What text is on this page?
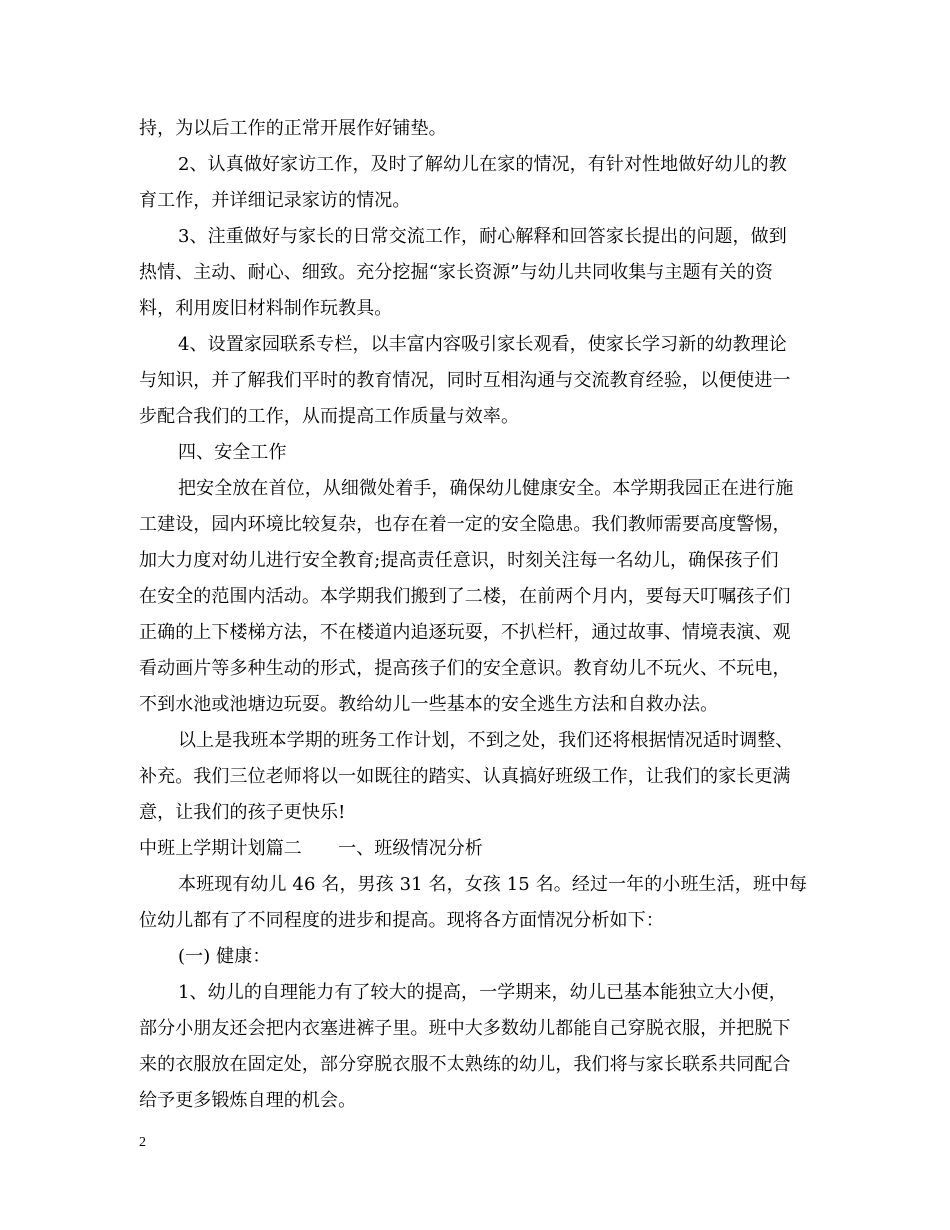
持，为以后工作的正常开展作好铺垫。
2、认真做好家访工作，及时了解幼儿在家的情况，有针对性地做好幼儿的教
育工作，并详细记录家访的情况。
3、注重做好与家长的日常交流工作，耐心解释和回答家长提出的问题，做到
热情、主动、耐心、细致。充分挖掘“家长资源”与幼儿共同收集与主题有关的资
料，利用废旧材料制作玩教具。
4、设置家园联系专栏，以丰富内容吸引家长观看，使家长学习新的幼教理论
与知识，并了解我们平时的教育情况，同时互相沟通与交流教育经验，以便使进一
步配合我们的工作，从而提高工作质量与效率。
四、安全工作
把安全放在首位，从细微处着手，确保幼儿健康安全。本学期我园正在进行施
工建设，园内环境比较复杂，也存在着一定的安全隐患。我们教师需要高度警惕，
加大力度对幼儿进行安全教育;提高责任意识，时刻关注每一名幼儿，确保孩子们
在安全的范围内活动。本学期我们搬到了二楼，在前两个月内，要每天叮嘱孩子们
正确的上下楼梯方法，不在楼道内追逐玩耍，不扒栏杆，通过故事、情境表演、观
看动画片等多种生动的形式，提高孩子们的安全意识。教育幼儿不玩火、不玩电，
不到水池或池塘边玩耍。教给幼儿一些基本的安全逃生方法和自救办法。
以上是我班本学期的班务工作计划，不到之处，我们还将根据情况适时调整、
补充。我们三位老师将以一如既往的踏实、认真搞好班级工作，让我们的家长更满
意，让我们的孩子更快乐!
中班上学期计划篇二　　一、班级情况分析
本班现有幼儿 46 名，男孩 31 名，女孩 15 名。经过一年的小班生活，班中每
位幼儿都有了不同程度的进步和提高。现将各方面情况分析如下：
(一) 健康：
1、幼儿的自理能力有了较大的提高，一学期来，幼儿已基本能独立大小便，
部分小朋友还会把内衣塞进裤子里。班中大多数幼儿都能自己穿脱衣服，并把脱下
来的衣服放在固定处，部分穿脱衣服不太熟练的幼儿，我们将与家长联系共同配合
给予更多锻炼自理的机会。
2
